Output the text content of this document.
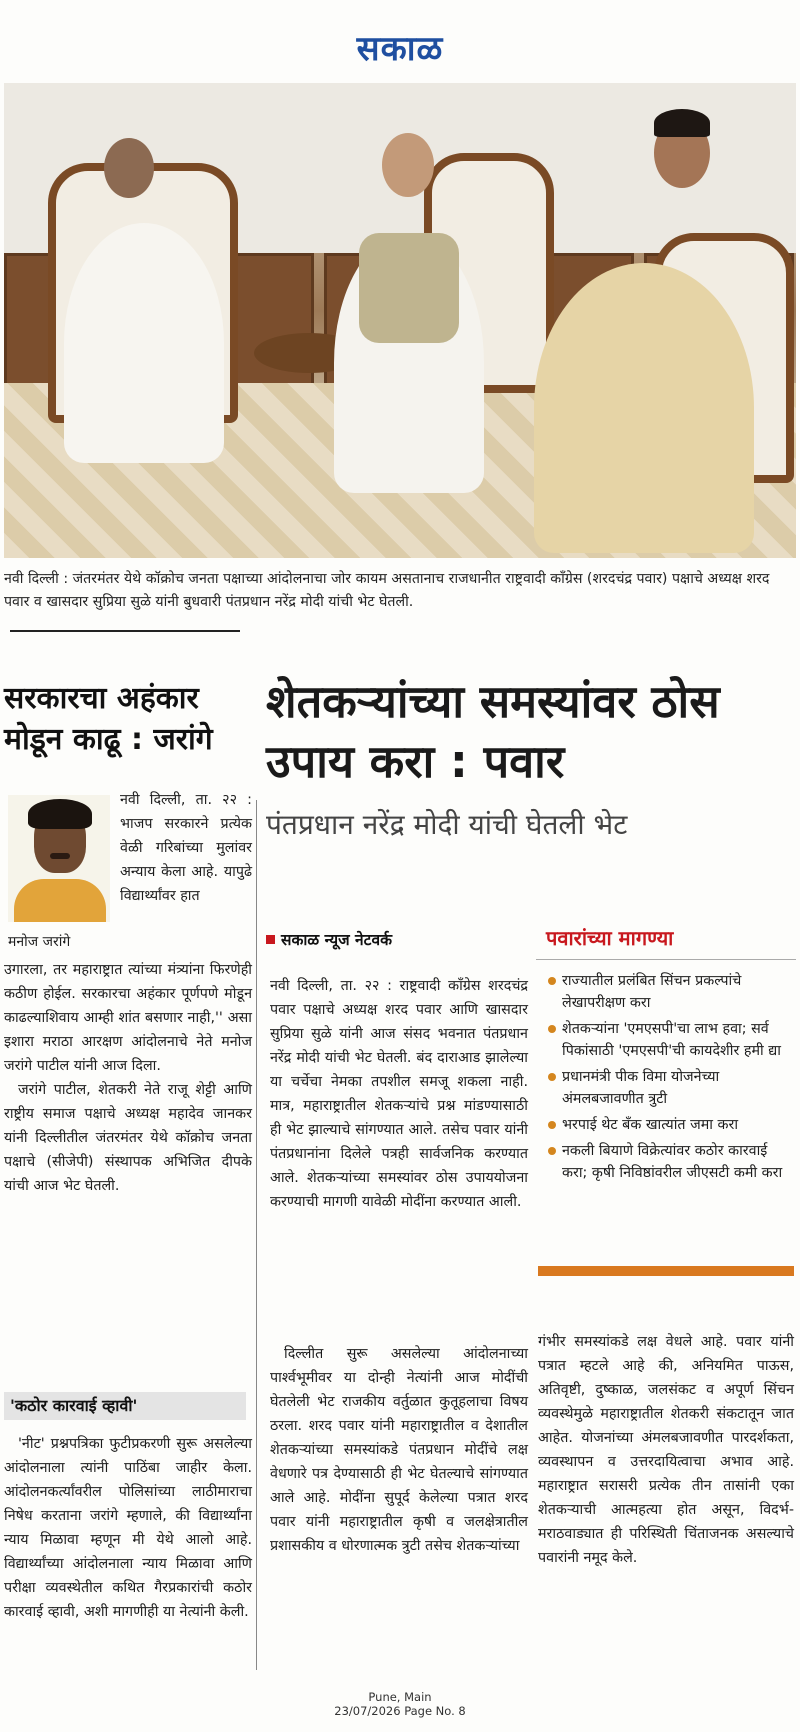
सकाळ
नवी दिल्ली : जंतरमंतर येथे कॉक्रोच जनता पक्षाच्या आंदोलनाचा जोर कायम असतानाच राजधानीत राष्ट्रवादी कॉंग्रेस (शरदचंद्र पवार) पक्षाचे अध्यक्ष शरद पवार व खासदार सुप्रिया सुळे यांनी बुधवारी पंतप्रधान नरेंद्र मोदी यांची भेट घेतली.
सरकारचा अहंकार मोडून काढू : जरांगे
मनोज जरांगे
नवी दिल्ली, ता. २२ : भाजप सरकारने प्रत्येक वेळी गरिबांच्या मुलांवर अन्याय केला आहे. यापुढे विद्यार्थ्यांवर हात
उगारला, तर महाराष्ट्रात त्यांच्या मंत्र्यांना फिरणेही कठीण होईल. सरकारचा अहंकार पूर्णपणे मोडून काढल्याशिवाय आम्ही शांत बसणार नाही,'' असा इशारा मराठा आरक्षण आंदोलनाचे नेते मनोज जरांगे पाटील यांनी आज दिला.
जरांगे पाटील, शेतकरी नेते राजू शेट्टी आणि राष्ट्रीय समाज पक्षाचे अध्यक्ष महादेव जानकर यांनी दिल्लीतील जंतरमंतर येथे कॉक्रोच जनता पक्षाचे (सीजेपी) संस्थापक अभिजित दीपके यांची आज भेट घेतली.
'कठोर कारवाई व्हावी'
'नीट' प्रश्नपत्रिका फुटीप्रकरणी सुरू असलेल्या आंदोलनाला त्यांनी पाठिंबा जाहीर केला. आंदोलनकर्त्यांवरील पोलिसांच्या लाठीमाराचा निषेध करताना जरांगे म्हणाले, की विद्यार्थ्यांना न्याय मिळावा म्हणून मी येथे आलो आहे. विद्यार्थ्यांच्या आंदोलनाला न्याय मिळावा आणि परीक्षा व्यवस्थेतील कथित गैरप्रकारांची कठोर कारवाई व्हावी, अशी मागणीही या नेत्यांनी केली.
शेतकऱ्यांच्या समस्यांवर ठोस उपाय करा : पवार
पंतप्रधान नरेंद्र मोदी यांची घेतली भेट
सकाळ न्यूज नेटवर्क
नवी दिल्ली, ता. २२ : राष्ट्रवादी कॉंग्रेस शरदचंद्र पवार पक्षाचे अध्यक्ष शरद पवार आणि खासदार सुप्रिया सुळे यांनी आज संसद भवनात पंतप्रधान नरेंद्र मोदी यांची भेट घेतली. बंद दाराआड झालेल्या या चर्चेचा नेमका तपशील समजू शकला नाही. मात्र, महाराष्ट्रातील शेतकऱ्यांचे प्रश्न मांडण्यासाठी ही भेट झाल्याचे सांगण्यात आले. तसेच पवार यांनी पंतप्रधानांना दिलेले पत्रही सार्वजनिक करण्यात आले. शेतकऱ्यांच्या समस्यांवर ठोस उपाययोजना करण्याची मागणी यावेळी मोदींना करण्यात आली.
दिल्लीत सुरू असलेल्या आंदोलनाच्या पार्श्वभूमीवर या दोन्ही नेत्यांनी आज मोदींची घेतलेली भेट राजकीय वर्तुळात कुतूहलाचा विषय ठरला. शरद पवार यांनी महाराष्ट्रातील व देशातील शेतकऱ्यांच्या समस्यांकडे पंतप्रधान मोदींचे लक्ष वेधणारे पत्र देण्यासाठी ही भेट घेतल्याचे सांगण्यात आले आहे. मोदींना सुपूर्द केलेल्या पत्रात शरद पवार यांनी महाराष्ट्रातील कृषी व जलक्षेत्रातील प्रशासकीय व धोरणात्मक त्रुटी तसेच शेतकऱ्यांच्या
पवारांच्या मागण्या
राज्यातील प्रलंबित सिंचन प्रकल्पांचे लेखापरीक्षण करा
शेतकऱ्यांना 'एमएसपी'चा लाभ हवा; सर्व पिकांसाठी 'एमएसपी'ची कायदेशीर हमी द्या
प्रधानमंत्री पीक विमा योजनेच्या अंमलबजावणीत त्रुटी
भरपाई थेट बँक खात्यांत जमा करा
नकली बियाणे विक्रेत्यांवर कठोर कारवाई करा; कृषी निविष्ठांवरील जीएसटी कमी करा
गंभीर समस्यांकडे लक्ष वेधले आहे. पवार यांनी पत्रात म्हटले आहे की, अनियमित पाऊस, अतिवृष्टी, दुष्काळ, जलसंकट व अपूर्ण सिंचन व्यवस्थेमुळे महाराष्ट्रातील शेतकरी संकटातून जात आहेत. योजनांच्या अंमलबजावणीत पारदर्शकता, व्यवस्थापन व उत्तरदायित्वाचा अभाव आहे. महाराष्ट्रात सरासरी प्रत्येक तीन तासांनी एका शेतकऱ्याची आत्महत्या होत असून, विदर्भ-मराठवाड्यात ही परिस्थिती चिंताजनक असल्याचे पवारांनी नमूद केले.
Pune, Main
23/07/2026 Page No. 8
